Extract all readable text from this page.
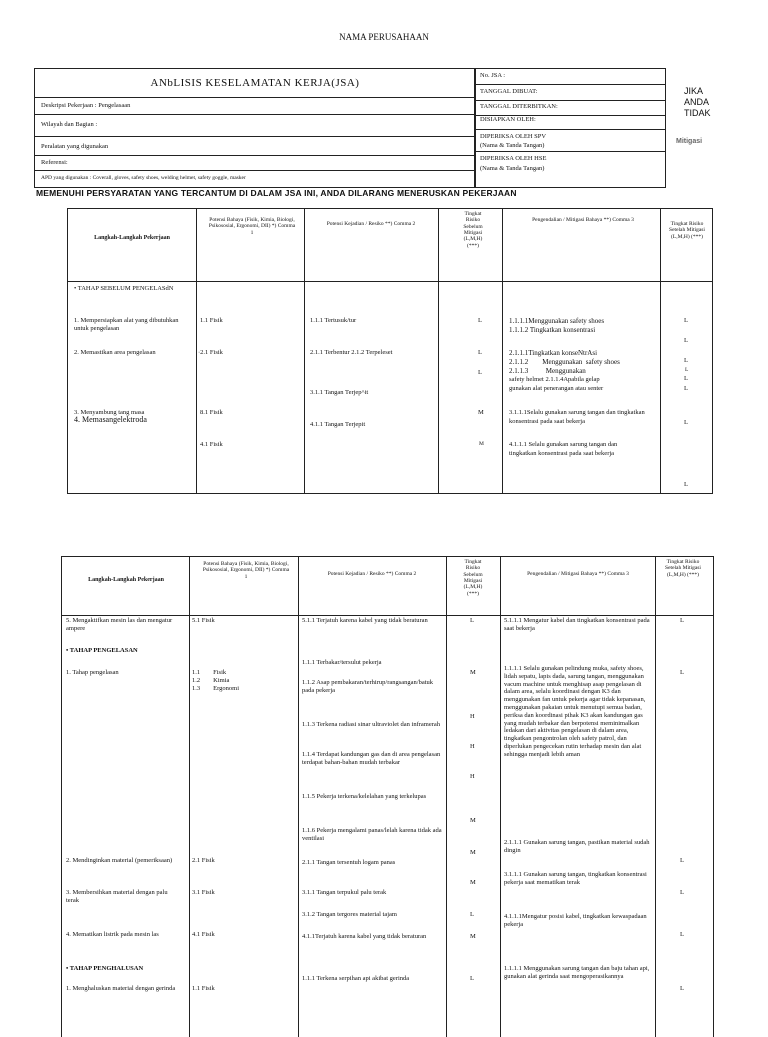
NAMA PERUSAHAAN
ANbLISIS KESELAMATAN KERJA(JSA)
Deskripsi Pekerjaan : Pengelasaan
Wilayah dan Bagian :
Peralatan yang digunakan
Referensi:
APD yang digunakan : Coverall, gloves, safety shoes, welding helmet, safety goggle, masker
No. JSA :
TANGGAL DIBUAT:
TANGGAL DITERBITKAN:
DISIAPKAN OLEH:
DIPERIKSA OLEH SPV
(Nama & Tanda Tangan)
DIPERIKSA OLEH HSE
(Nama & Tanda Tangan)
JIKA
ANDA
TIDAK
Mitigasi
MEMENUHI PERSYARATAN YANG TERCANTUM DI DALAM JSA INI, ANDA DILARANG MENERUSKAN PEKERJAAN
Langkah-Langkah Pekerjaan
Potensi Bahaya (Fisik, Kimia, Biologi, Psikososial, Ergonomi, DII) *) Comma 1
Potensi Kejadian / Resiko **) Comma 2
Tingkat Risiko Sebelum Mitigasi (L,M,H) (***)
Pengendalian / Mitigasi Bahaya **) Comma 3
Tingkat Risiko Setelah Mitigasi (L,M,H) (***)
• TAHAP SEBELUM PENGELASdN
1. Mempersiapkan alat yang dibutuhkan untuk pengelasan
2. Memastikan area pengelasan
3. Menyambung tang masa
4. Memasangelektroda
1.1 Fisik
·2.1 Fisik
8.1 Fisik
4.1 Fisik
1.1.1 Tertusuk/tur
2.1.1 Terbentur 2.1.2 Terpeleset
3.1.1 Tangan Terjep^it
4.1.1 Tangan Terjepit
L
L
L
M
M
1.1.1.1Menggunakan safety shoes
1.1.1.2 Tingkatkan konsentrasi
2.1.1.1Tingkatkan konseNtrAsi
2.1.1.2        Menggunakan  safety shoes
2.1.1.3          Menggunakan
safety helmet 2.1.1.4Apabila gelap
gunakan alat penerangan atau senter
3.1.1.1Selalu gunakan sarung tangan dan tingkatkan
konsentrasi pada saat bekerja
4.1.1.1 Selalu gunakan sarung tangan dan
tingkatkan konsentrasi pada saat bekerja
L
L
L
L
L
L
L
L
Langkah-Langkah Pekerjaan
Potensi Bahaya (Fisik, Kimia, Biologi, Psikososial, Ergonomi, DII) *) Comma 1	Potensi Kejadian / Resiko **) Comma 2
Tingkat Risiko Sebelum Mitigasi (L,M,H) (***)
Pengendalian / Mitigasi Bahaya **) Comma 3
Tingkat Risiko Setelah Mitigasi (L,M,H) (***)
5. Mengaktifkan mesin las dan mengatur ampere
• TAHAP PENGELASAN
1. Tahap pengelasan
2. Mendinginkan material (pemeriksaan)
3. Membersihkan material dengan palu terak
4. Mematikan listrik pada mesin las
• TAHAP PENGHALUSAN
1. Menghaluskan material dengan gerinda
5.1 Fisik
1.1        Fisik
1.2        Kimia
1.3        Ergonomi
2.1 Fisik
3.1 Fisik
4.1 Fisik
1.1 Fisik
5.1.1 Terjatuh karena kabel yang tidak beraturan
1.1.1 Terbakar/tersulut pekerja
1.1.2 Asap pembakaran/terhirup/rangsangan/batuk pada pekerja
1.1.3 Terkena radiasi sinar ultraviolet dan inframerah
1.1.4 Terdapat kandungan gas dan di area pengelasan terdapat bahan-bahan mudah terbakar
1.1.5 Pekerja terkena/kelelahan yang terkelupas
1.1.6 Pekerja mengalami panas/lelah karena tidak ada ventilasi
2.1.1 Tangan tersentuh logam panas
3.1.1 Tangan terpukul palu terak
3.1.2 Tangan tergores material tajam
4.1.1Terjatuh karena kabel yang tidak beraturan
1.1.1 Terkena serpihan api akibat gerinda
L
M
H
H
H
M
M
M
L
M
L
5.1.1.1 Mengatur kabel dan tingkatkan konsentrasi pada saat bekerja
1.1.1.1 Selalu gunakan pelindung muka, safety shoes, lidah sepatu, lapis dada, sarung tangan, menggunakan vacum machine untuk menghisap asap pengelasan di dalam area, selalu koordinasi dengan K3 dan menggunakan fan untuk pekerja agar tidak kepanasan, menggunakan pakaian untuk menutupi semua badan, periksa dan koordinasi pihak K3 akan kandungan gas yang mudah terbakar dan berpotensi meminimalkan ledakan dari aktivitas pengelasan di dalam area, tingkatkan pengontrolan oleh safety patrol, dan diperlukan pengecekan rutin terhadap mesin dan alat sehingga menjadi lebih aman
2.1.1.1 Gunakan sarung tangan, pastikan material sudah dingin
3.1.1.1 Gunakan sarung tangan, tingkatkan konsentrasi pekerja saat mematikan terak
4.1.1.1Mengatur posisi kabel, tingkatkan kewaspadaan pekerja
1.1.1.1 Menggunakan sarung tangan dan baju tahan api, gunakan alat gerinda saat mengoperasikannya
L
L
L
L
L
L
